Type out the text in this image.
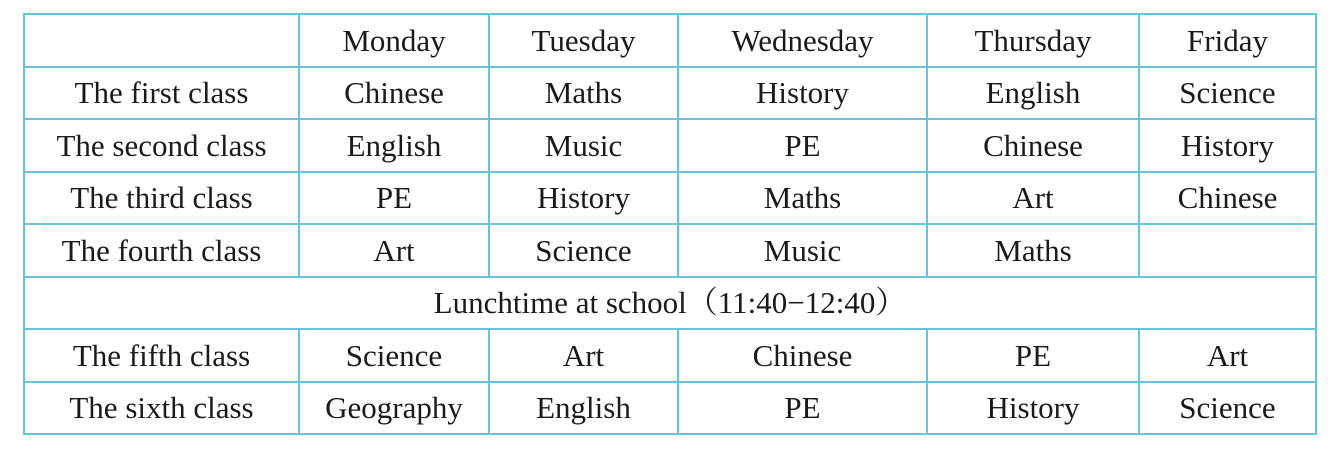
	Monday	Tuesday	Wednesday	Thursday	Friday
The first class	Chinese	Maths	History	English	Science
The second class	English	Music	PE	Chinese	History
The third class	PE	History	Maths	Art	Chinese
The fourth class	Art	Science	Music	Maths	
Lunchtime at school（11:40−12:40）					
The fifth class	Science	Art	Chinese	PE	Art
The sixth class	Geography	English	PE	History	Science
